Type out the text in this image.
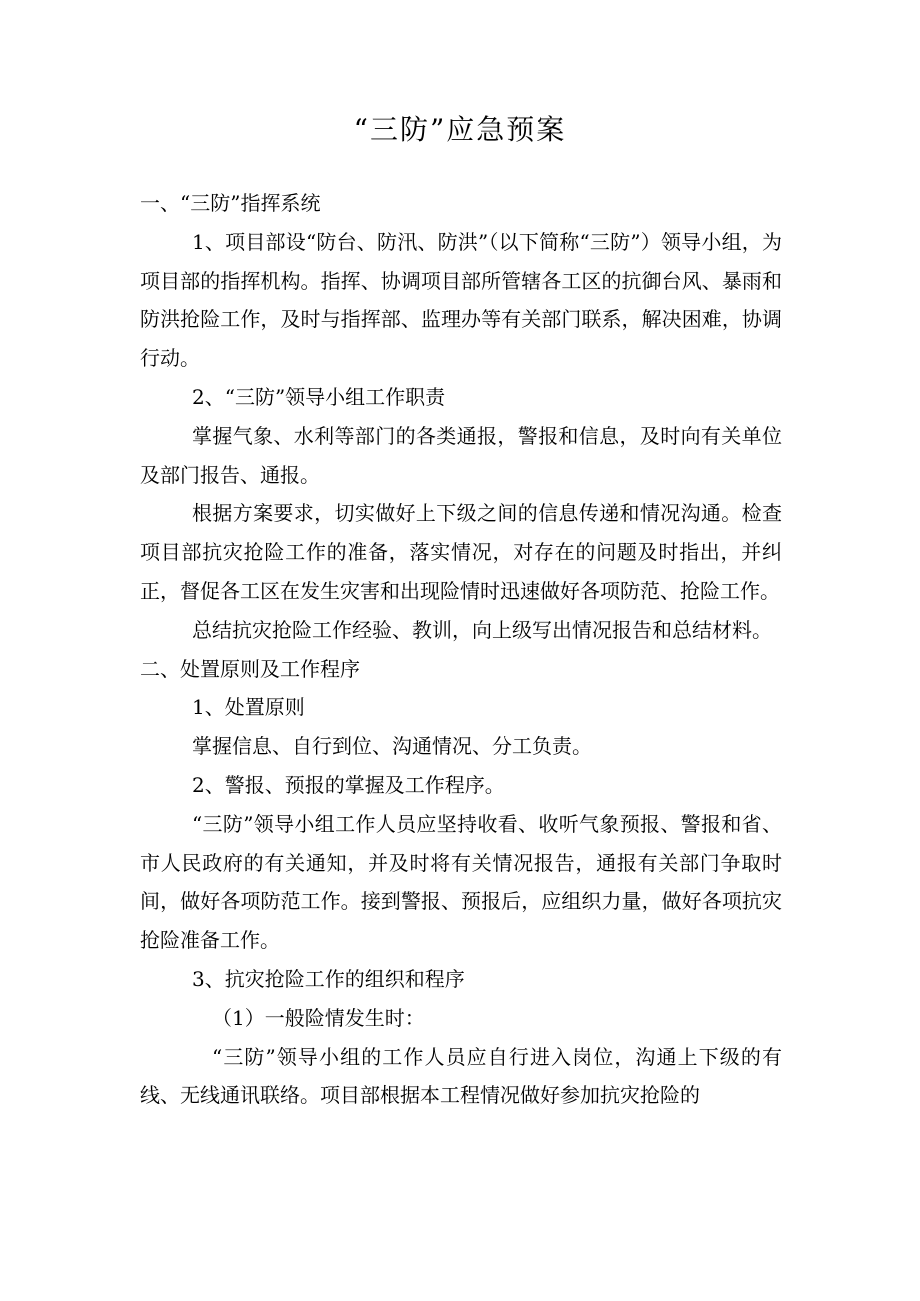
“三防”应急预案

一、“三防”指挥系统

1、项目部设“防台、防汛、防洪”（以下简称“三防”）领导小组，为项目部的指挥机构。指挥、协调项目部所管辖各工区的抗御台风、暴雨和防洪抢险工作，及时与指挥部、监理办等有关部门联系，解决困难，协调行动。

2、“三防”领导小组工作职责

掌握气象、水利等部门的各类通报，警报和信息，及时向有关单位及部门报告、通报。

根据方案要求，切实做好上下级之间的信息传递和情况沟通。检查项目部抗灾抢险工作的准备，落实情况，对存在的问题及时指出，并纠正，督促各工区在发生灾害和出现险情时迅速做好各项防范、抢险工作。

总结抗灾抢险工作经验、教训，向上级写出情况报告和总结材料。

二、处置原则及工作程序

1、处置原则

掌握信息、自行到位、沟通情况、分工负责。

2、警报、预报的掌握及工作程序。

“三防”领导小组工作人员应坚持收看、收听气象预报、警报和省、市人民政府的有关通知，并及时将有关情况报告，通报有关部门争取时间，做好各项防范工作。接到警报、预报后，应组织力量，做好各项抗灾抢险准备工作。

3、抗灾抢险工作的组织和程序

（1）一般险情发生时：

“三防”领导小组的工作人员应自行进入岗位，沟通上下级的有线、无线通讯联络。项目部根据本工程情况做好参加抗灾抢险的
